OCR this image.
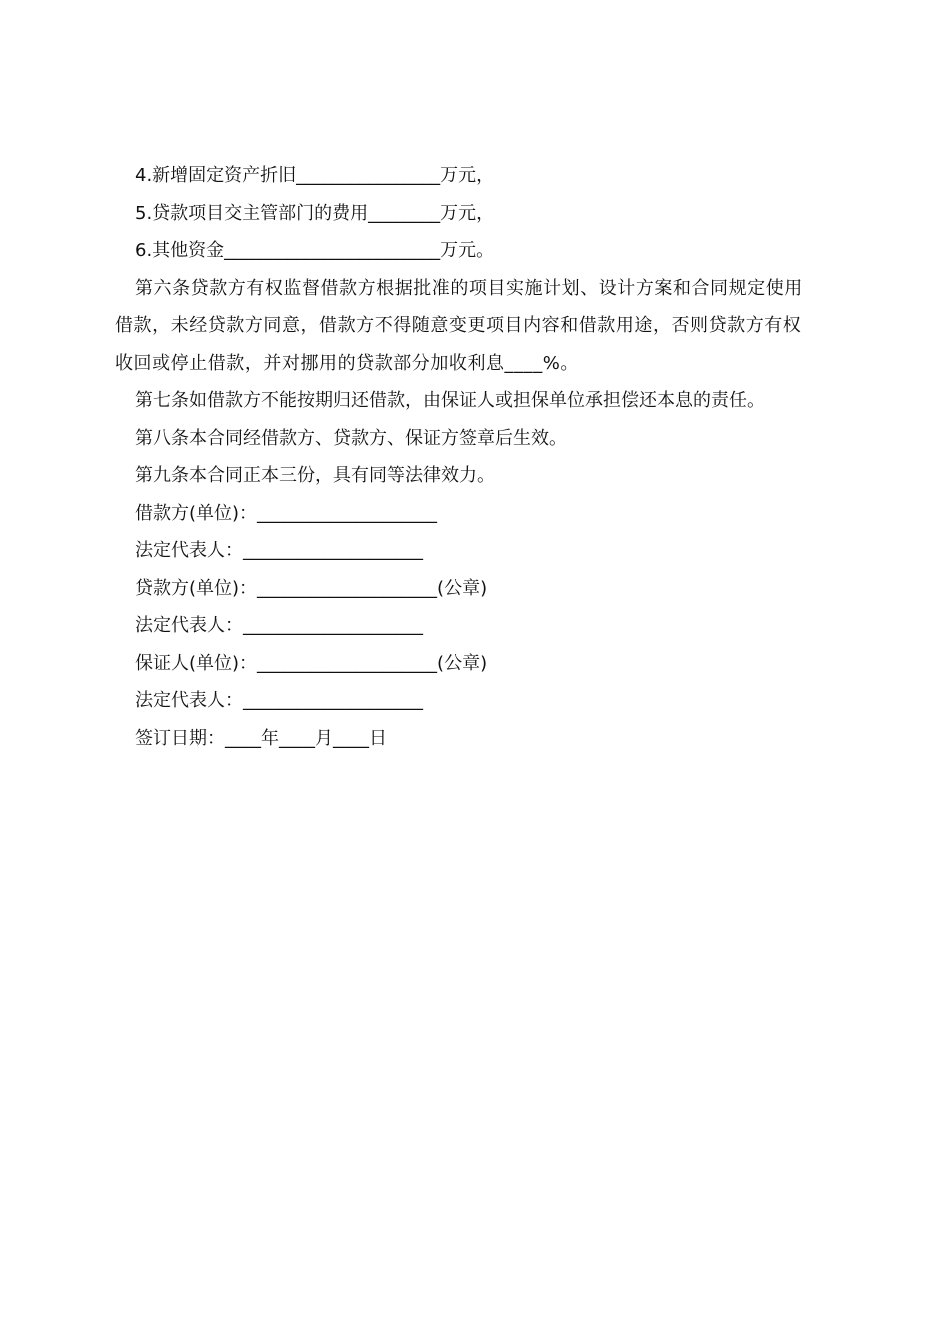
4.新增固定资产折旧________________万元，

5.贷款项目交主管部门的费用________万元，

6.其他资金________________________万元。

第六条贷款方有权监督借款方根据批准的项目实施计划、设计方案和合同规定使用
借款，未经贷款方同意，借款方不得随意变更项目内容和借款用途，否则贷款方有权
收回或停止借款，并对挪用的贷款部分加收利息____%。

第七条如借款方不能按期归还借款，由保证人或担保单位承担偿还本息的责任。

第八条本合同经借款方、贷款方、保证方签章后生效。

第九条本合同正本三份，具有同等法律效力。

借款方(单位)：____________________

法定代表人：____________________

贷款方(单位)：____________________(公章)

法定代表人：____________________

保证人(单位)：____________________(公章)

法定代表人：____________________

签订日期：____年____月____日
